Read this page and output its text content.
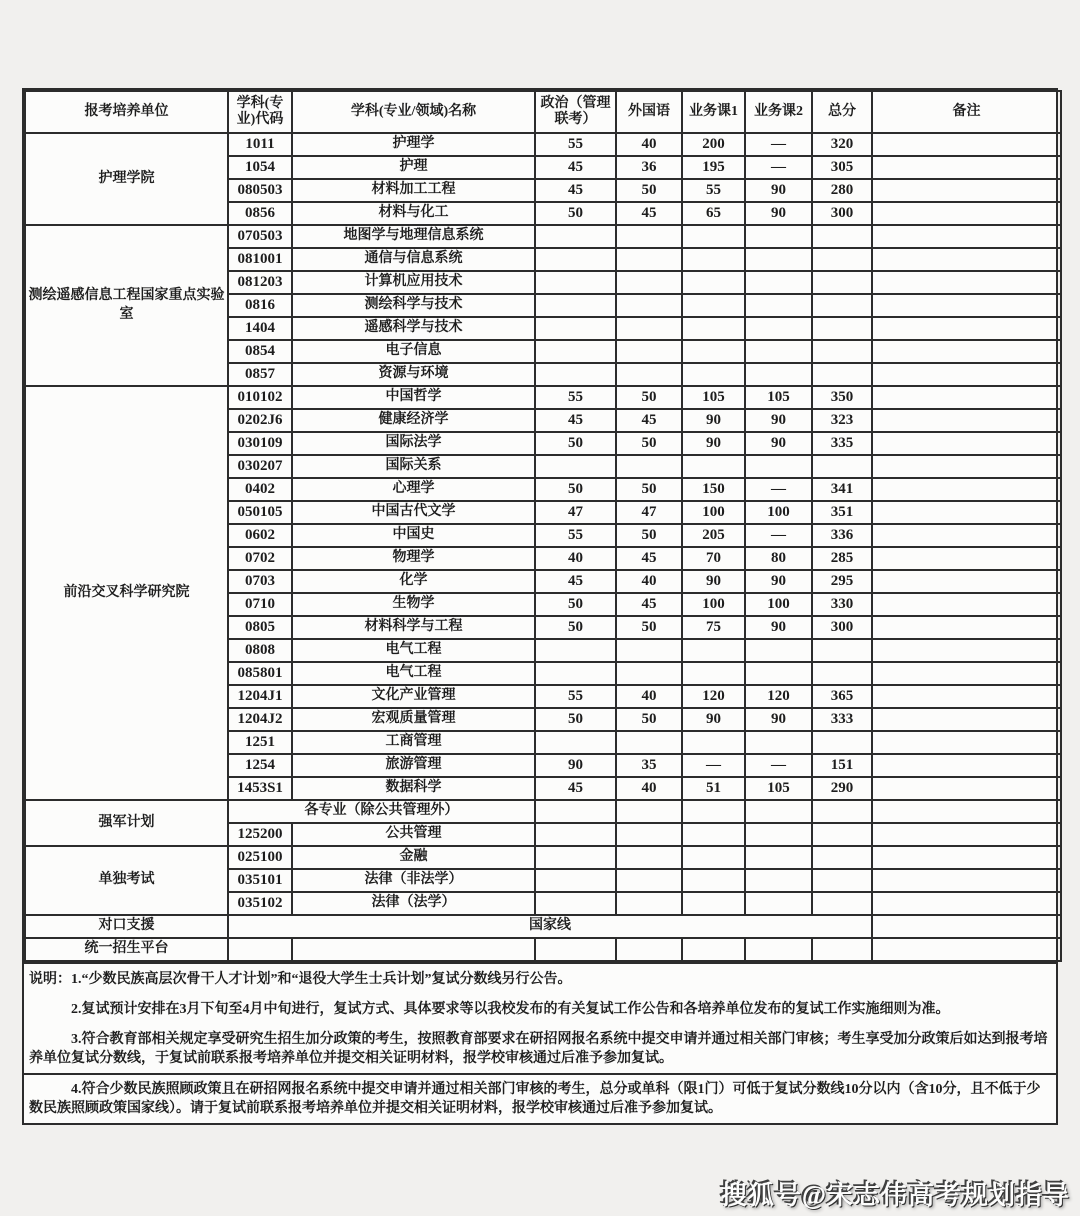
报考培养单位	学科(专业)代码	学科(专业/领域)名称	政治（管理联考）	外国语	业务课1	业务课2	总分	备注
护理学院	1011	护理学	55	40	200	—	320	
	1054	护理	45	36	195	—	305	
	080503	材料加工工程	45	50	55	90	280	
	0856	材料与化工	50	45	65	90	300	
测绘遥感信息工程国家重点实验室	070503	地图学与地理信息系统						
	081001	通信与信息系统						
	081203	计算机应用技术						
	0816	测绘科学与技术						
	1404	遥感科学与技术						
	0854	电子信息						
	0857	资源与环境						
前沿交叉科学研究院	010102	中国哲学	55	50	105	105	350	
	0202J6	健康经济学	45	45	90	90	323	
	030109	国际法学	50	50	90	90	335	
	030207	国际关系						
	0402	心理学	50	50	150	—	341	
	050105	中国古代文学	47	47	100	100	351	
	0602	中国史	55	50	205	—	336	
	0702	物理学	40	45	70	80	285	
	0703	化学	45	40	90	90	295	
	0710	生物学	50	45	100	100	330	
	0805	材料科学与工程	50	50	75	90	300	
	0808	电气工程						
	085801	电气工程						
	1204J1	文化产业管理	55	40	120	120	365	
	1204J2	宏观质量管理	50	50	90	90	333	
	1251	工商管理						
	1254	旅游管理	90	35	—	—	151	
	1453S1	数据科学	45	40	51	105	290	
强军计划	各专业（除公共管理外）							
	125200	公共管理						
单独考试	025100	金融						
	035101	法律（非法学）						
	035102	法律（法学）						
对口支援	国家线							
统一招生平台								

说明：1.“少数民族高层次骨干人才计划”和“退役大学生士兵计划”复试分数线另行公告。

2.复试预计安排在3月下旬至4月中旬进行，复试方式、具体要求等以我校发布的有关复试工作公告和各培养单位发布的复试工作实施细则为准。

3.符合教育部相关规定享受研究生招生加分政策的考生，按照教育部要求在研招网报名系统中提交申请并通过相关部门审核；考生享受加分政策后如达到报考培养单位复试分数线，于复试前联系报考培养单位并提交相关证明材料，报学校审核通过后准予参加复试。

4.符合少数民族照顾政策且在研招网报名系统中提交申请并通过相关部门审核的考生，总分或单科（限1门）可低于复试分数线10分以内（含10分，且不低于少数民族照顾政策国家线）。请于复试前联系报考培养单位并提交相关证明材料，报学校审核通过后准予参加复试。

搜狐号@宋志伟高考规划指导
